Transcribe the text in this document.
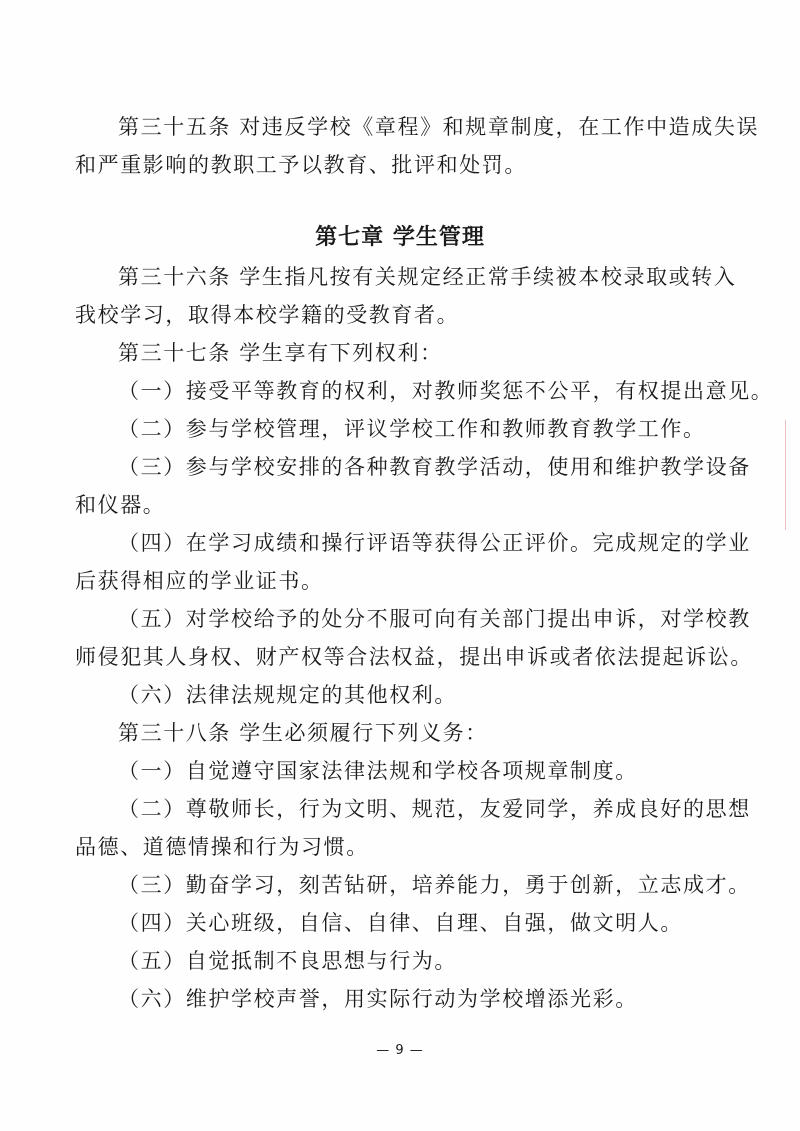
第三十五条 对违反学校《章程》和规章制度，在工作中造成失误
和严重影响的教职工予以教育、批评和处罚。
第七章 学生管理
第三十六条 学生指凡按有关规定经正常手续被本校录取或转入
我校学习，取得本校学籍的受教育者。
第三十七条 学生享有下列权利：
（一）接受平等教育的权利，对教师奖惩不公平，有权提出意见。
（二）参与学校管理，评议学校工作和教师教育教学工作。
（三）参与学校安排的各种教育教学活动，使用和维护教学设备
和仪器。
（四）在学习成绩和操行评语等获得公正评价。完成规定的学业
后获得相应的学业证书。
（五）对学校给予的处分不服可向有关部门提出申诉，对学校教
师侵犯其人身权、财产权等合法权益，提出申诉或者依法提起诉讼。
（六）法律法规规定的其他权利。
第三十八条 学生必须履行下列义务：
（一）自觉遵守国家法律法规和学校各项规章制度。
（二）尊敬师长，行为文明、规范，友爱同学，养成良好的思想
品德、道德情操和行为习惯。
（三）勤奋学习，刻苦钻研，培养能力，勇于创新，立志成才。
（四）关心班级，自信、自律、自理、自强，做文明人。
（五）自觉抵制不良思想与行为。
（六）维护学校声誉，用实际行动为学校增添光彩。
— 9 —
